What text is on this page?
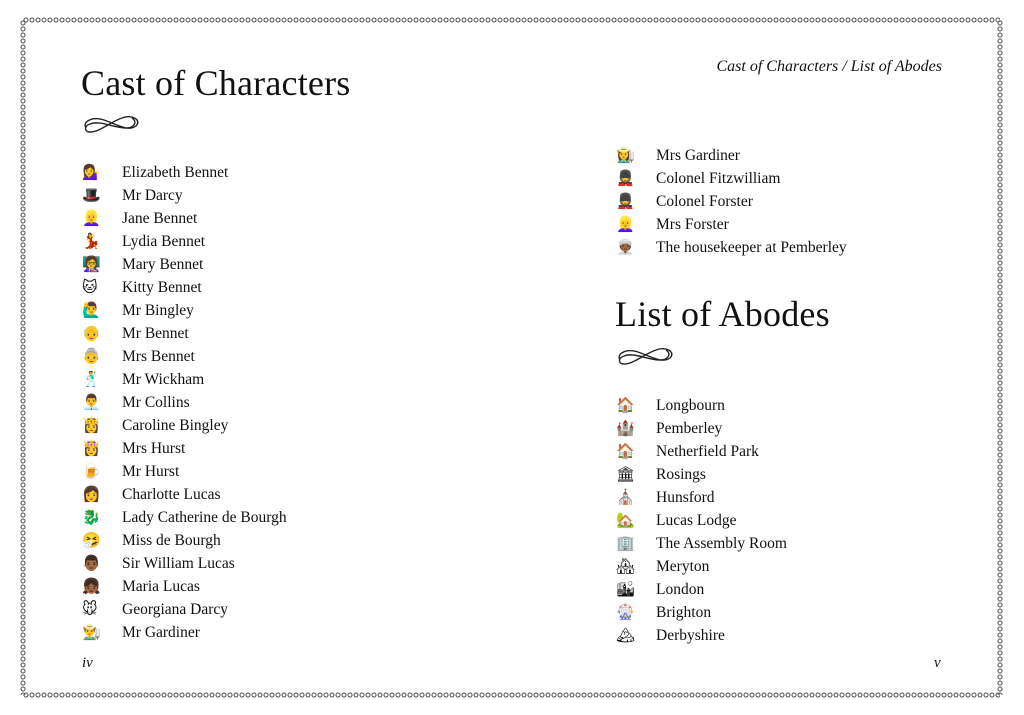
Cast of Characters	Cast of Characters / List of Abodes
💁‍♀️	Elizabeth Bennet
🎩	Mr Darcy
👱‍♀️	Jane Bennet
💃	Lydia Bennet
👩‍🏫	Mary Bennet
🐱	Kitty Bennet
🙋‍♂️	Mr Bingley
👴	Mr Bennet
👵	Mrs Bennet
🕺	Mr Wickham
👨‍💼	Mr Collins
👸	Caroline Bingley
👸	Mrs Hurst
🍺	Mr Hurst
👩	Charlotte Lucas
🐉	Lady Catherine de Bourgh
🤧	Miss de Bourgh
👨🏾	Sir William Lucas
👧🏾	Maria Lucas
🐭	Georgiana Darcy
👨‍🌾	Mr Gardiner
👩‍🌾	Mrs Gardiner
💂	Colonel Fitzwilliam
💂	Colonel Forster
👱‍♀️	Mrs Forster
👳🏾‍♀️	The housekeeper at Pemberley
List of Abodes
🏠	Longbourn
🏰	Pemberley
🏠	Netherfield Park
🏛	Rosings
⛪	Hunsford
🏡	Lucas Lodge
🏢	The Assembly Room
🏘	Meryton
🏙	London
🎡	Brighton
🏔	Derbyshire
iv	v
